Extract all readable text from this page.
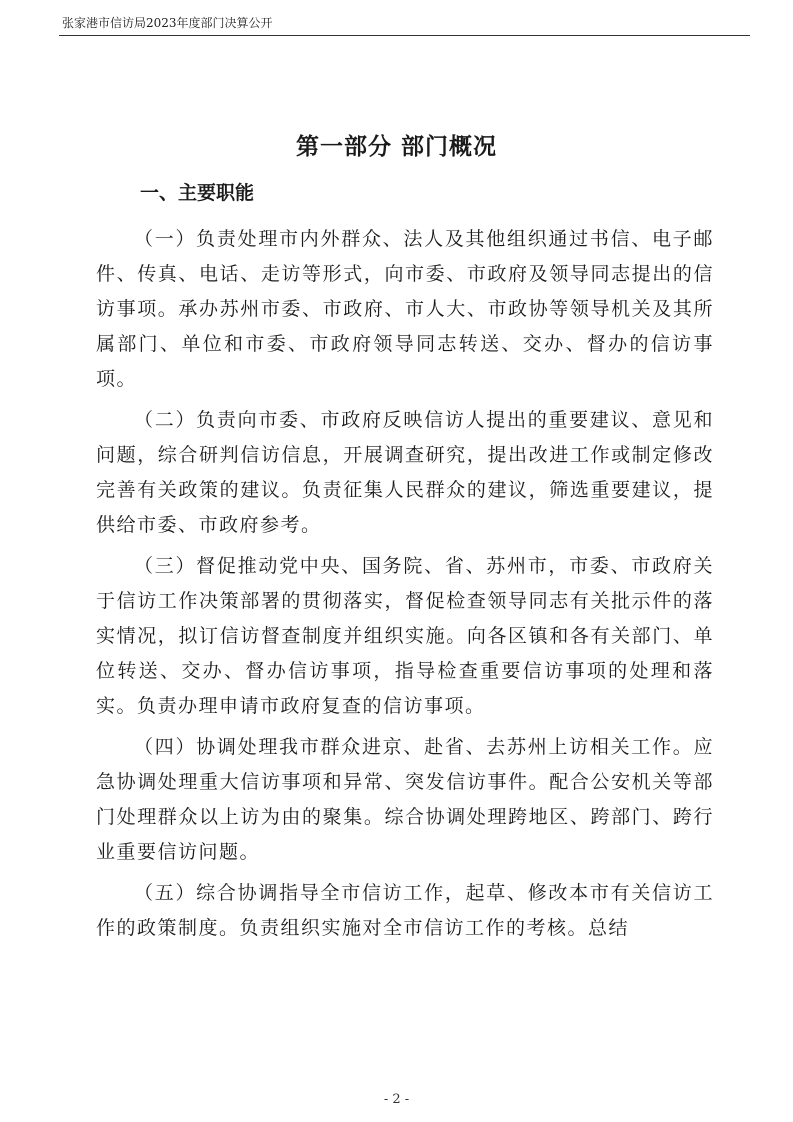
张家港市信访局2023年度部门决算公开
第一部分 部门概况
一、主要职能

（一）负责处理市内外群众、法人及其他组织通过书信、电子邮件、传真、电话、走访等形式，向市委、市政府及领导同志提出的信访事项。承办苏州市委、市政府、市人大、市政协等领导机关及其所属部门、单位和市委、市政府领导同志转送、交办、督办的信访事项。

（二）负责向市委、市政府反映信访人提出的重要建议、意见和问题，综合研判信访信息，开展调查研究，提出改进工作或制定修改完善有关政策的建议。负责征集人民群众的建议，筛选重要建议，提供给市委、市政府参考。

（三）督促推动党中央、国务院、省、苏州市，市委、市政府关于信访工作决策部署的贯彻落实，督促检查领导同志有关批示件的落实情况，拟订信访督查制度并组织实施。向各区镇和各有关部门、单位转送、交办、督办信访事项，指导检查重要信访事项的处理和落实。负责办理申请市政府复查的信访事项。

（四）协调处理我市群众进京、赴省、去苏州上访相关工作。应急协调处理重大信访事项和异常、突发信访事件。配合公安机关等部门处理群众以上访为由的聚集。综合协调处理跨地区、跨部门、跨行业重要信访问题。

（五）综合协调指导全市信访工作，起草、修改本市有关信访工作的政策制度。负责组织实施对全市信访工作的考核。总结

- 2 -
